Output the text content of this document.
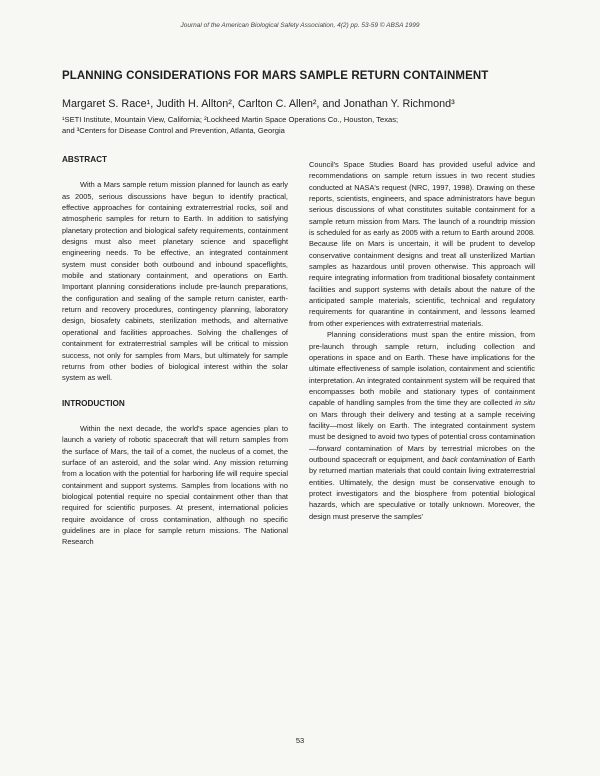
Journal of the American Biological Safety Association, 4(2) pp. 53-59 © ABSA 1999
PLANNING CONSIDERATIONS FOR MARS SAMPLE RETURN CONTAINMENT
Margaret S. Race¹, Judith H. Allton², Carlton C. Allen², and Jonathan Y. Richmond³
¹SETI Institute, Mountain View, California; ²Lockheed Martin Space Operations Co., Houston, Texas;
and ³Centers for Disease Control and Prevention, Atlanta, Georgia
ABSTRACT

With a Mars sample return mission planned for launch as early as 2005, serious discussions have begun to identify practical, effective approaches for containing extraterrestrial rocks, soil and atmospheric samples for return to Earth. In addition to satisfying planetary protection and biological safety requirements, containment designs must also meet planetary science and spaceflight engineering needs. To be effective, an integrated containment system must consider both outbound and inbound spaceflights, mobile and stationary containment, and operations on Earth. Important planning considerations include pre-launch preparations, the configuration and sealing of the sample return canister, earth-return and recovery procedures, contingency planning, laboratory design, biosafety cabinets, sterilization methods, and alternative operational and facilities approaches. Solving the challenges of containment for extraterrestrial samples will be critical to mission success, not only for samples from Mars, but ultimately for sample returns from other bodies of biological interest within the solar system as well.

INTRODUCTION

Within the next decade, the world's space agencies plan to launch a variety of robotic spacecraft that will return samples from the surface of Mars, the tail of a comet, the nucleus of a comet, the surface of an asteroid, and the solar wind. Any mission returning from a location with the potential for harboring life will require special containment and support systems. Samples from locations with no biological potential require no special containment other than that required for scientific purposes. At present, international policies require avoidance of cross contamination, although no specific guidelines are in place for sample return missions. The National Research

Council's Space Studies Board has provided useful advice and recommendations on sample return issues in two recent studies conducted at NASA's request (NRC, 1997, 1998). Drawing on these reports, scientists, engineers, and space administrators have begun serious discussions of what constitutes suitable containment for a sample return mission from Mars. The launch of a roundtrip mission is scheduled for as early as 2005 with a return to Earth around 2008. Because life on Mars is uncertain, it will be prudent to develop conservative containment designs and treat all unsterilized Martian samples as hazardous until proven otherwise. This approach will require integrating information from traditional biosafety containment facilities and support systems with details about the nature of the anticipated sample materials, scientific, technical and regulatory requirements for quarantine in containment, and lessons learned from other experiences with extraterrestrial materials.

Planning considerations must span the entire mission, from pre-launch through sample return, including collection and operations in space and on Earth. These have implications for the ultimate effectiveness of sample isolation, containment and scientific interpretation. An integrated containment system will be required that encompasses both mobile and stationary types of containment capable of handling samples from the time they are collected in situ on Mars through their delivery and testing at a sample receiving facility—most likely on Earth. The integrated containment system must be designed to avoid two types of potential cross contamination—forward contamination of Mars by terrestrial microbes on the outbound spacecraft or equipment, and back contamination of Earth by returned martian materials that could contain living extraterrestrial entities. Ultimately, the design must be conservative enough to protect investigators and the biosphere from potential biological hazards, which are speculative or totally unknown. Moreover, the design must preserve the samples'

53
